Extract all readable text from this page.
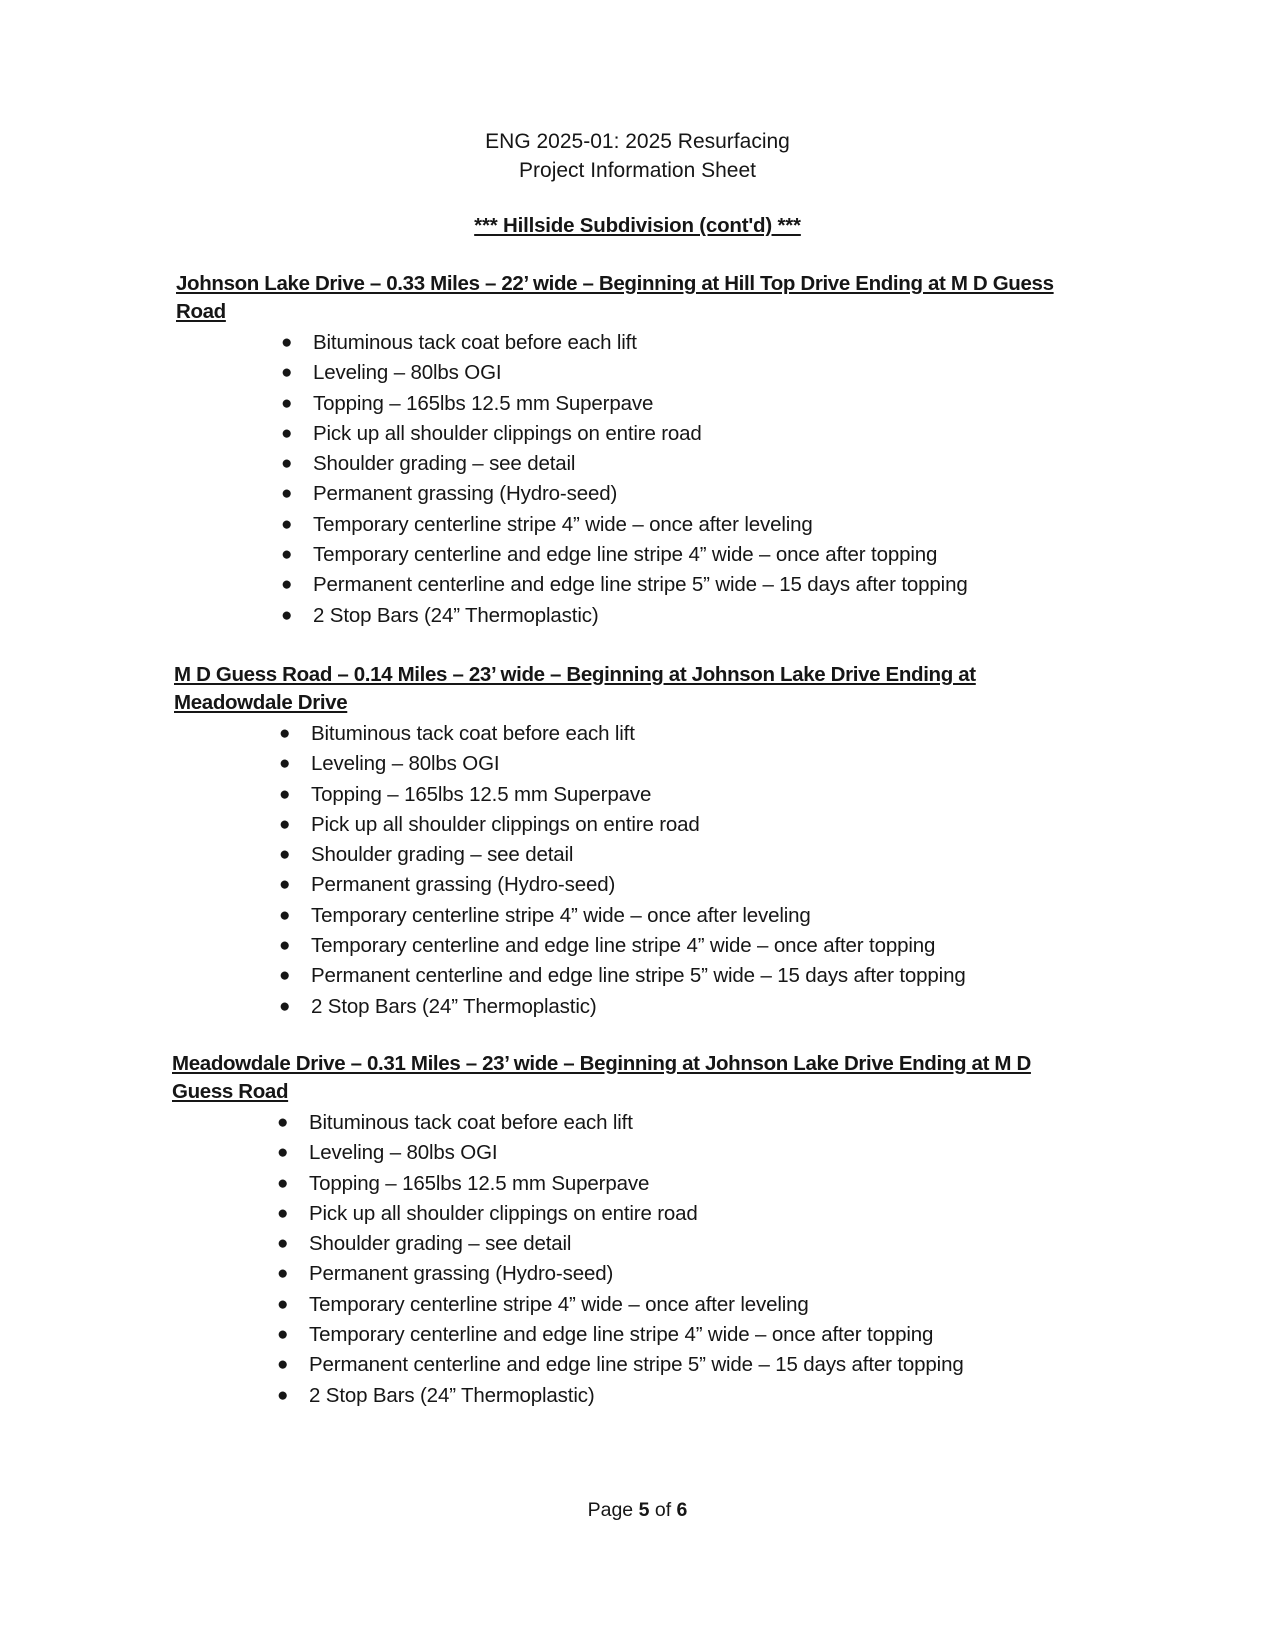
ENG 2025-01: 2025 Resurfacing
Project Information Sheet
*** Hillside Subdivision (cont'd) ***
Johnson Lake Drive – 0.33 Miles – 22’ wide – Beginning at Hill Top Drive Ending at M D Guess Road
● Bituminous tack coat before each lift
● Leveling – 80lbs OGI
● Topping – 165lbs 12.5 mm Superpave
● Pick up all shoulder clippings on entire road
● Shoulder grading – see detail
● Permanent grassing (Hydro-seed)
● Temporary centerline stripe 4” wide – once after leveling
● Temporary centerline and edge line stripe 4” wide – once after topping
● Permanent centerline and edge line stripe 5” wide – 15 days after topping
● 2 Stop Bars (24” Thermoplastic)
M D Guess Road – 0.14 Miles – 23’ wide – Beginning at Johnson Lake Drive Ending at Meadowdale Drive
● Bituminous tack coat before each lift
● Leveling – 80lbs OGI
● Topping – 165lbs 12.5 mm Superpave
● Pick up all shoulder clippings on entire road
● Shoulder grading – see detail
● Permanent grassing (Hydro-seed)
● Temporary centerline stripe 4” wide – once after leveling
● Temporary centerline and edge line stripe 4” wide – once after topping
● Permanent centerline and edge line stripe 5” wide – 15 days after topping
● 2 Stop Bars (24” Thermoplastic)
Meadowdale Drive – 0.31 Miles – 23’ wide – Beginning at Johnson Lake Drive Ending at M D Guess Road
● Bituminous tack coat before each lift
● Leveling – 80lbs OGI
● Topping – 165lbs 12.5 mm Superpave
● Pick up all shoulder clippings on entire road
● Shoulder grading – see detail
● Permanent grassing (Hydro-seed)
● Temporary centerline stripe 4” wide – once after leveling
● Temporary centerline and edge line stripe 4” wide – once after topping
● Permanent centerline and edge line stripe 5” wide – 15 days after topping
● 2 Stop Bars (24” Thermoplastic)
Page 5 of 6
